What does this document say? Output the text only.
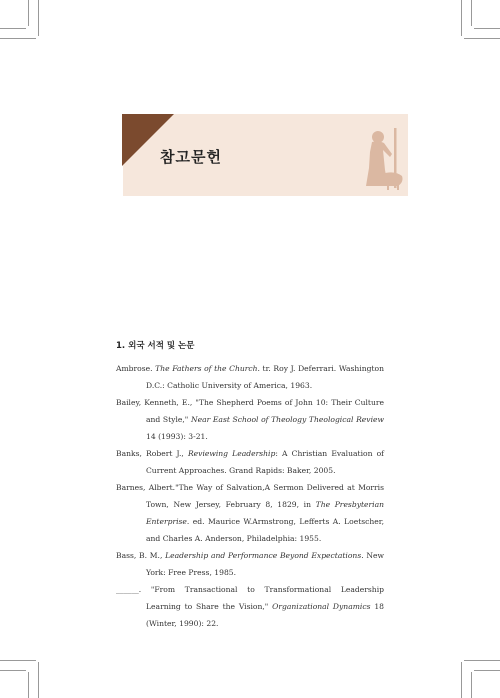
참고문헌
1. 외국 서적 및 논문

Ambrose. The Fathers of the Church. tr. Roy J. Deferrari. Washington D.C.: Catholic University of America, 1963.

Bailey, Kenneth, E., "The Shepherd Poems of John 10: Their Culture and Style," Near East School of Theology Theological Review 14 (1993): 3-21.

Banks, Robert J., Reviewing Leadership: A Christian Evaluation of Current Approaches. Grand Rapids: Baker, 2005.

Barnes, Albert."The Way of Salvation,A Sermon Delivered at Morris Town, New Jersey, February 8, 1829, in The Presbyterian Enterprise. ed. Maurice W.Armstrong, Lefferts A. Loetscher, and Charles A. Anderson, Philadelphia: 1955.

Bass, B. M., Leadership and Performance Beyond Expectations. New York: Free Press, 1985.

______. "From Transactional to Transformational Leadership Learning to Share the Vision," Organizational Dynamics 18 (Winter, 1990): 22.
